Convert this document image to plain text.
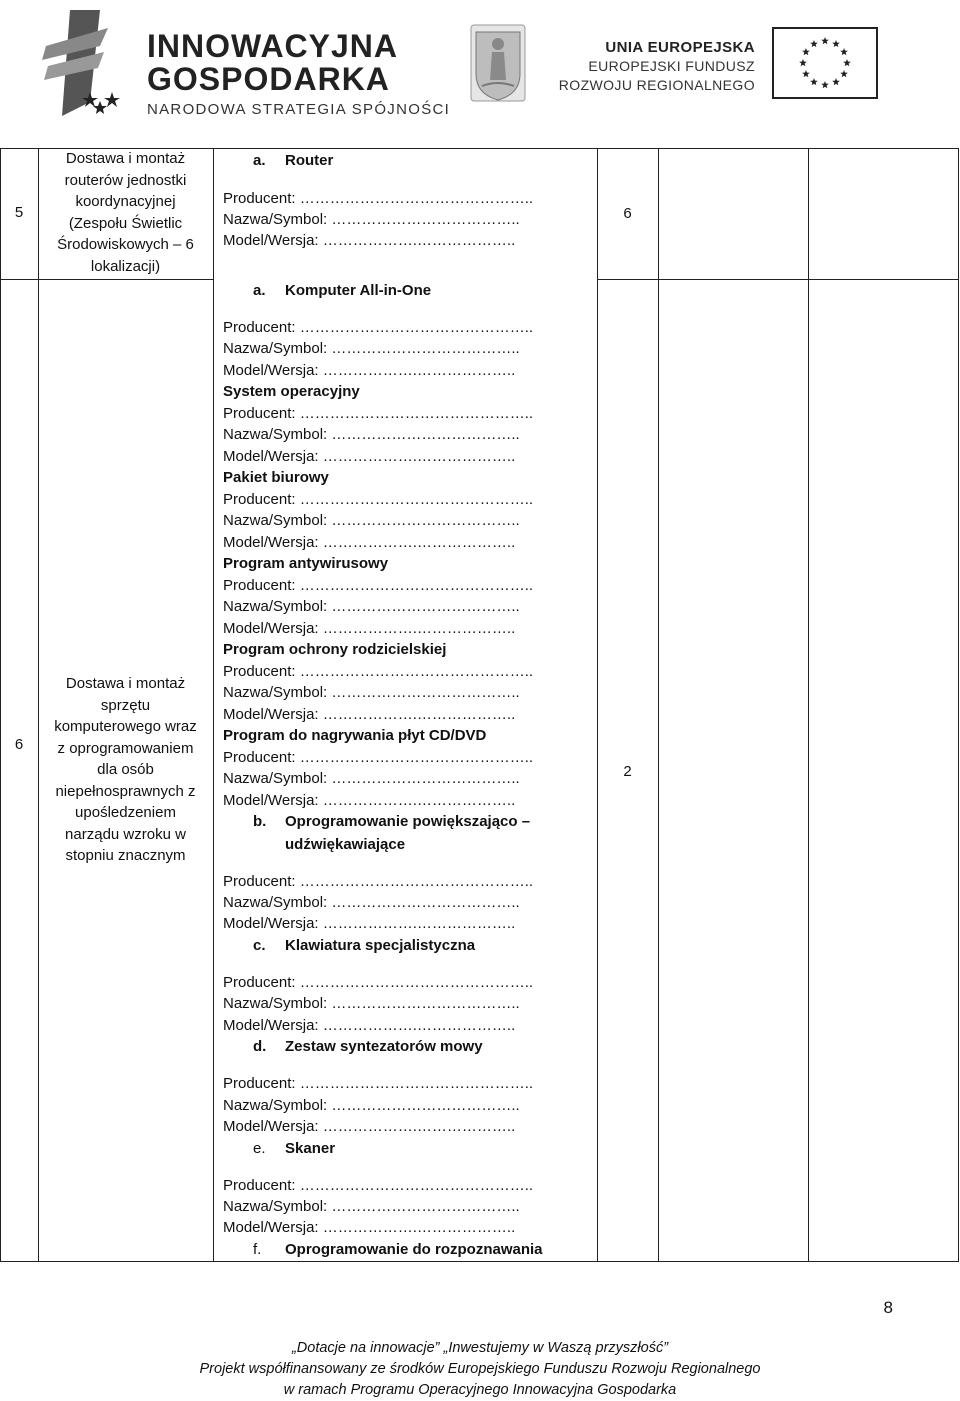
INNOWACYJNA
GOSPODARKA
NARODOWA STRATEGIA SPÓJNOŚCI
UNIA EUROPEJSKA
EUROPEJSKI FUNDUSZ
ROZWOJU REGIONALNEGO
5
Dostawa i montaż
routerów jednostki
koordynacyjnej
(Zespołu Świetlic
Środowiskowych – 6
lokalizacji)
6
6
Dostawa i montaż
sprzętu
komputerowego wraz
z oprogramowaniem
dla osób
niepełnosprawnych z
upośledzeniem
narządu wzroku w
stopniu znacznym
2
a. Router
Producent: ………………………………………..
Nazwa/Symbol: ………………………………..
Model/Wersja: ……………….………………..
a. Komputer All-in-One
Producent: ………………………………………..
Nazwa/Symbol: ………………………………..
Model/Wersja: ……………….………………..
System operacyjny
Producent: ………………………………………..
Nazwa/Symbol: ………………………………..
Model/Wersja: ……………….………………..
Pakiet biurowy
Producent: ………………………………………..
Nazwa/Symbol: ………………………………..
Model/Wersja: ……………….………………..
Program antywirusowy
Producent: ………………………………………..
Nazwa/Symbol: ………………………………..
Model/Wersja: ……………….………………..
Program ochrony rodzicielskiej
Producent: ………………………………………..
Nazwa/Symbol: ………………………………..
Model/Wersja: ……………….………………..
Program do nagrywania płyt CD/DVD
Producent: ………………………………………..
Nazwa/Symbol: ………………………………..
Model/Wersja: ……………….………………..
b. Oprogramowanie powiększająco –
udźwiękawiające
Producent: ………………………………………..
Nazwa/Symbol: ………………………………..
Model/Wersja: ……………….………………..
c. Klawiatura specjalistyczna
Producent: ………………………………………..
Nazwa/Symbol: ………………………………..
Model/Wersja: ……………….………………..
d. Zestaw syntezatorów mowy
Producent: ………………………………………..
Nazwa/Symbol: ………………………………..
Model/Wersja: ……………….………………..
e. Skaner
Producent: ………………………………………..
Nazwa/Symbol: ………………………………..
Model/Wersja: ……………….………………..
f. Oprogramowanie do rozpoznawania
8
„Dotacje na innowacje” „Inwestujemy w Waszą przyszłość”
Projekt współfinansowany ze środków Europejskiego Funduszu Rozwoju Regionalnego
w ramach Programu Operacyjnego Innowacyjna Gospodarka
